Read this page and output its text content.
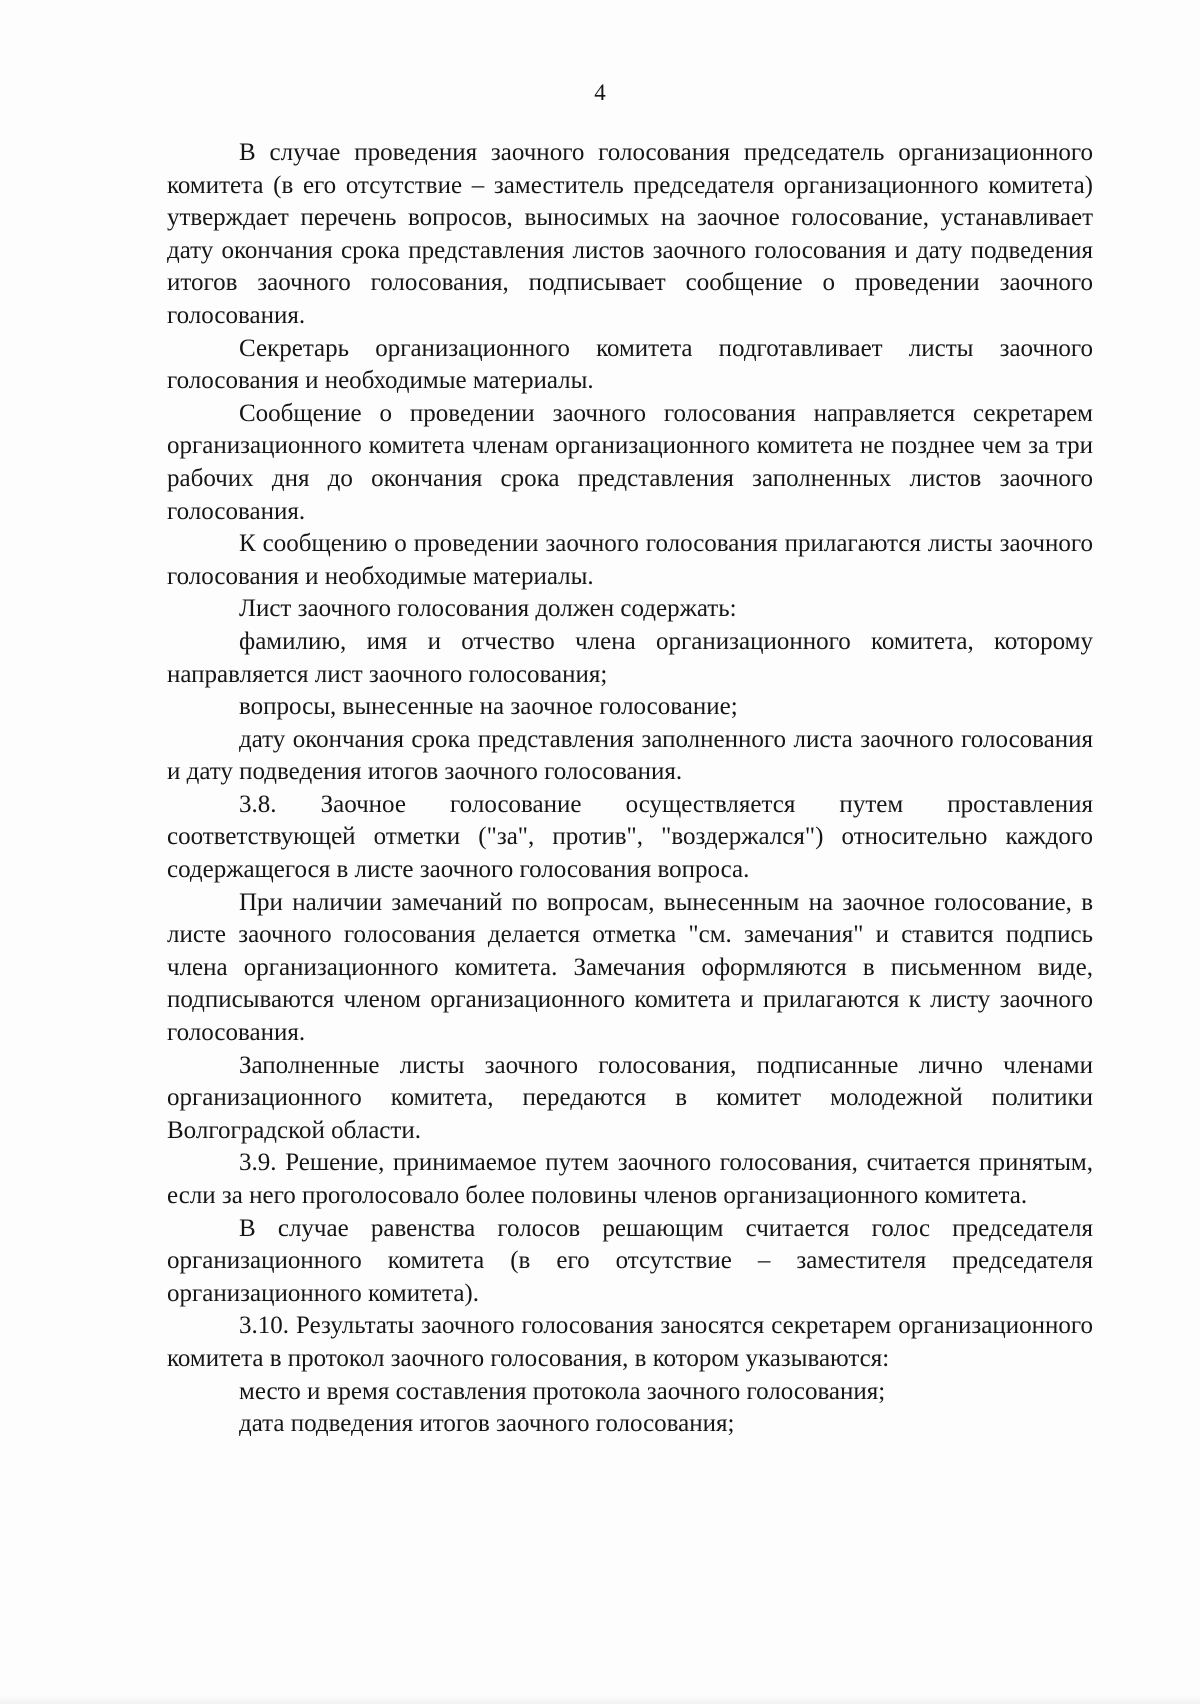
4

В случае проведения заочного голосования председатель организационного комитета (в его отсутствие – заместитель председателя организационного комитета) утверждает перечень вопросов, выносимых на заочное голосование, устанавливает дату окончания срока представления листов заочного голосования и дату подведения итогов заочного голосования, подписывает сообщение о проведении заочного голосования.

Секретарь организационного комитета подготавливает листы заочного голосования и необходимые материалы.

Сообщение о проведении заочного голосования направляется секретарем организационного комитета членам организационного комитета не позднее чем за три рабочих дня до окончания срока представления заполненных листов заочного голосования.

К сообщению о проведении заочного голосования прилагаются листы заочного голосования и необходимые материалы.

Лист заочного голосования должен содержать:

фамилию, имя и отчество члена организационного комитета, которому направляется лист заочного голосования;

вопросы, вынесенные на заочное голосование;

дату окончания срока представления заполненного листа заочного голосования и дату подведения итогов заочного голосования.

3.8. Заочное голосование осуществляется путем проставления соответствующей отметки ("за", против", "воздержался") относительно каждого содержащегося в листе заочного голосования вопроса.

При наличии замечаний по вопросам, вынесенным на заочное голосование, в листе заочного голосования делается отметка "см. замечания" и ставится подпись члена организационного комитета. Замечания оформляются в письменном виде, подписываются членом организационного комитета и прилагаются к листу заочного голосования.

Заполненные листы заочного голосования, подписанные лично членами организационного комитета, передаются в комитет молодежной политики Волгоградской области.

3.9. Решение, принимаемое путем заочного голосования, считается принятым, если за него проголосовало более половины членов организационного комитета.

В случае равенства голосов решающим считается голос председателя организационного комитета (в его отсутствие – заместителя председателя организационного комитета).

3.10. Результаты заочного голосования заносятся секретарем организационного комитета в протокол заочного голосования, в котором указываются:

место и время составления протокола заочного голосования;

дата подведения итогов заочного голосования;
